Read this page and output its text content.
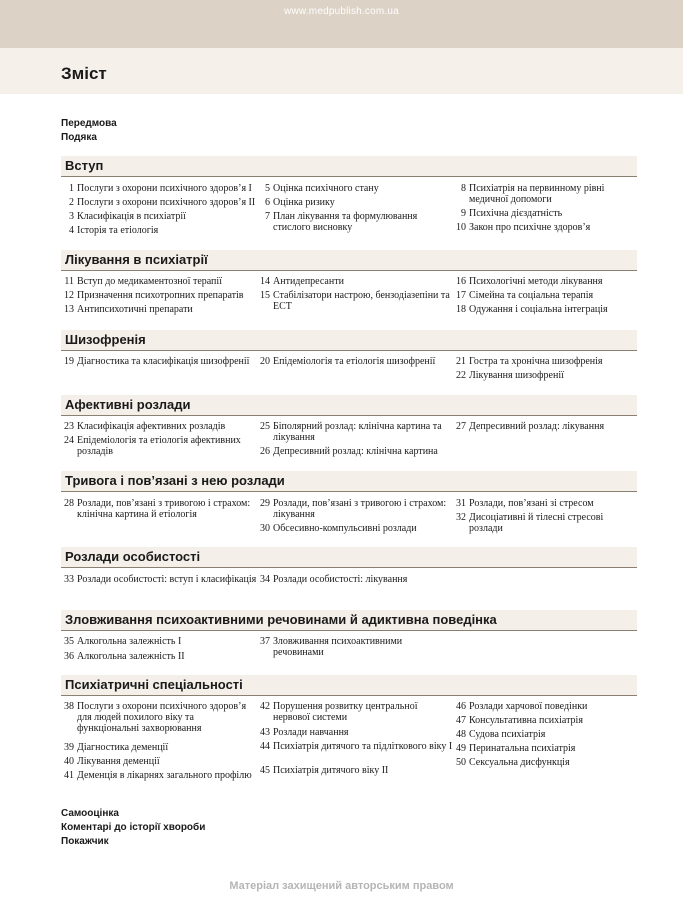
www.medpublish.com.ua
Зміст
Передмова
Подяка
Вступ
1 Послуги з охорони психічного здоров’я I
2 Послуги з охорони психічного здоров’я II
3 Класифікація в психіатрії
4 Історія та етіологія
5 Оцінка психічного стану
6 Оцінка ризику
7 План лікування та формулювання стислого висновку
8 Психіатрія на первинному рівні медичної допомоги
9 Психічна дієздатність
10 Закон про психічне здоров’я
Лікування в психіатрії
11 Вступ до медикаментозної терапії
12 Призначення психотропних препаратів
13 Антипсихотичні препарати
14 Антидепресанти
15 Стабілізатори настрою, бензодіазепіни та ЕСТ
16 Психологічні методи лікування
17 Сімейна та соціальна терапія
18 Одужання і соціальна інтеграція
Шизофренія
19 Діагностика та класифікація шизофренії	20 Епідеміологія та етіологія шизофренії	21 Гостра та хронічна шизофренія
22 Лікування шизофренії
Афективні розлади
23 Класифікація афективних розладів
24 Епідеміологія та етіологія афективних розладів
25 Біполярний розлад: клінічна картина та лікування
26 Депресивний розлад: клінічна картина
27 Депресивний розлад: лікування
Тривога і пов’язані з нею розлади
28 Розлади, пов’язані з тривогою і страхом: клінічна картина й етіологія
29 Розлади, пов’язані з тривогою і страхом: лікування
30 Обсесивно-компульсивні розлади
31 Розлади, пов’язані зі стресом
32 Дисоціативні й тілесні стресові розлади
Розлади особистості
33 Розлади особистості: вступ і класифікація 34 Розлади особистості: лікування
Зловживання психоактивними речовинами й адиктивна поведінка
35 Алкогольна залежність I
36 Алкогольна залежність II
37 Зловживання психоактивними речовинами
Психіатричні спеціальності
38 Послуги з охорони психічного здоров’я для людей похилого віку та функціональні захворювання
39 Діагностика деменції
40 Лікування деменції
41 Деменція в лікарнях загального профілю
42 Порушення розвитку центральної нервової системи
43 Розлади навчання
44 Психіатрія дитячого та підліткового віку I
45 Психіатрія дитячого віку II
46 Розлади харчової поведінки
47 Консультативна психіатрія
48 Судова психіатрія
49 Перинатальна психіатрія
50 Сексуальна дисфункція
Самооцінка
Коментарі до історії хвороби
Покажчик
Матеріал захищений авторським правом
